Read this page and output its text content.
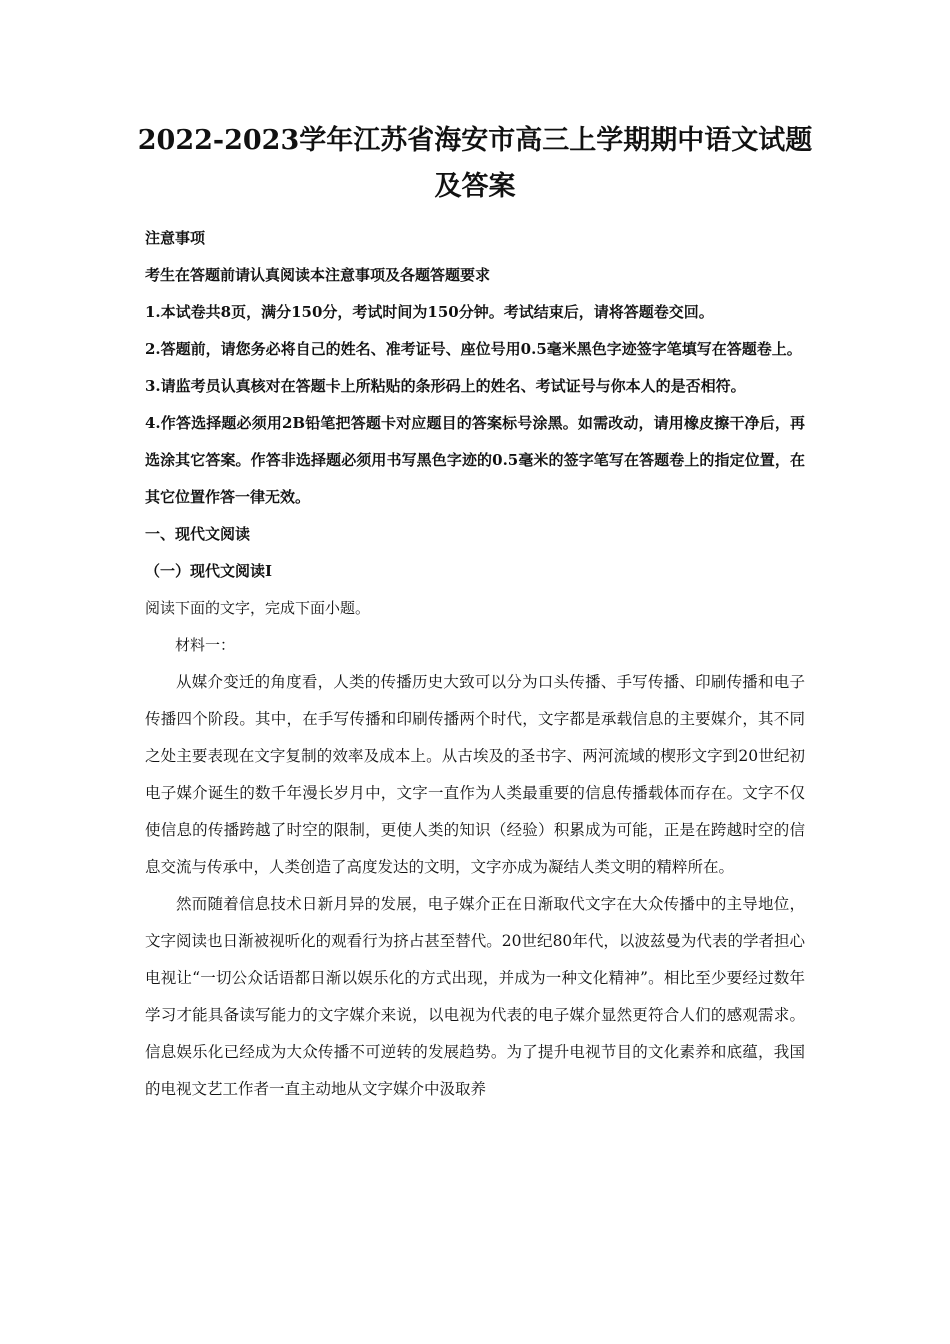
2022-2023学年江苏省海安市高三上学期期中语文试题及答案

注意事项

考生在答题前请认真阅读本注意事项及各题答题要求

1.本试卷共8页，满分150分，考试时间为150分钟。考试结束后，请将答题卷交回。

2.答题前，请您务必将自己的姓名、准考证号、座位号用0.5毫米黑色字迹签字笔填写在答题卷上。

3.请监考员认真核对在答题卡上所粘贴的条形码上的姓名、考试证号与你本人的是否相符。

4.作答选择题必须用2B铅笔把答题卡对应题目的答案标号涂黑。如需改动，请用橡皮擦干净后，再选涂其它答案。作答非选择题必须用书写黑色字迹的0.5毫米的签字笔写在答题卷上的指定位置，在其它位置作答一律无效。

一、现代文阅读

（一）现代文阅读I

阅读下面的文字，完成下面小题。

材料一：

从媒介变迁的角度看，人类的传播历史大致可以分为口头传播、手写传播、印刷传播和电子传播四个阶段。其中，在手写传播和印刷传播两个时代，文字都是承载信息的主要媒介，其不同之处主要表现在文字复制的效率及成本上。从古埃及的圣书字、两河流域的楔形文字到20世纪初电子媒介诞生的数千年漫长岁月中，文字一直作为人类最重要的信息传播载体而存在。文字不仅使信息的传播跨越了时空的限制，更使人类的知识（经验）积累成为可能，正是在跨越时空的信息交流与传承中，人类创造了高度发达的文明，文字亦成为凝结人类文明的精粹所在。

然而随着信息技术日新月异的发展，电子媒介正在日渐取代文字在大众传播中的主导地位，文字阅读也日渐被视听化的观看行为挤占甚至替代。20世纪80年代，以波兹曼为代表的学者担心电视让“一切公众话语都日渐以娱乐化的方式出现，并成为一种文化精神”。相比至少要经过数年学习才能具备读写能力的文字媒介来说，以电视为代表的电子媒介显然更符合人们的感观需求。信息娱乐化已经成为大众传播不可逆转的发展趋势。为了提升电视节目的文化素养和底蕴，我国的电视文艺工作者一直主动地从文字媒介中汲取养
